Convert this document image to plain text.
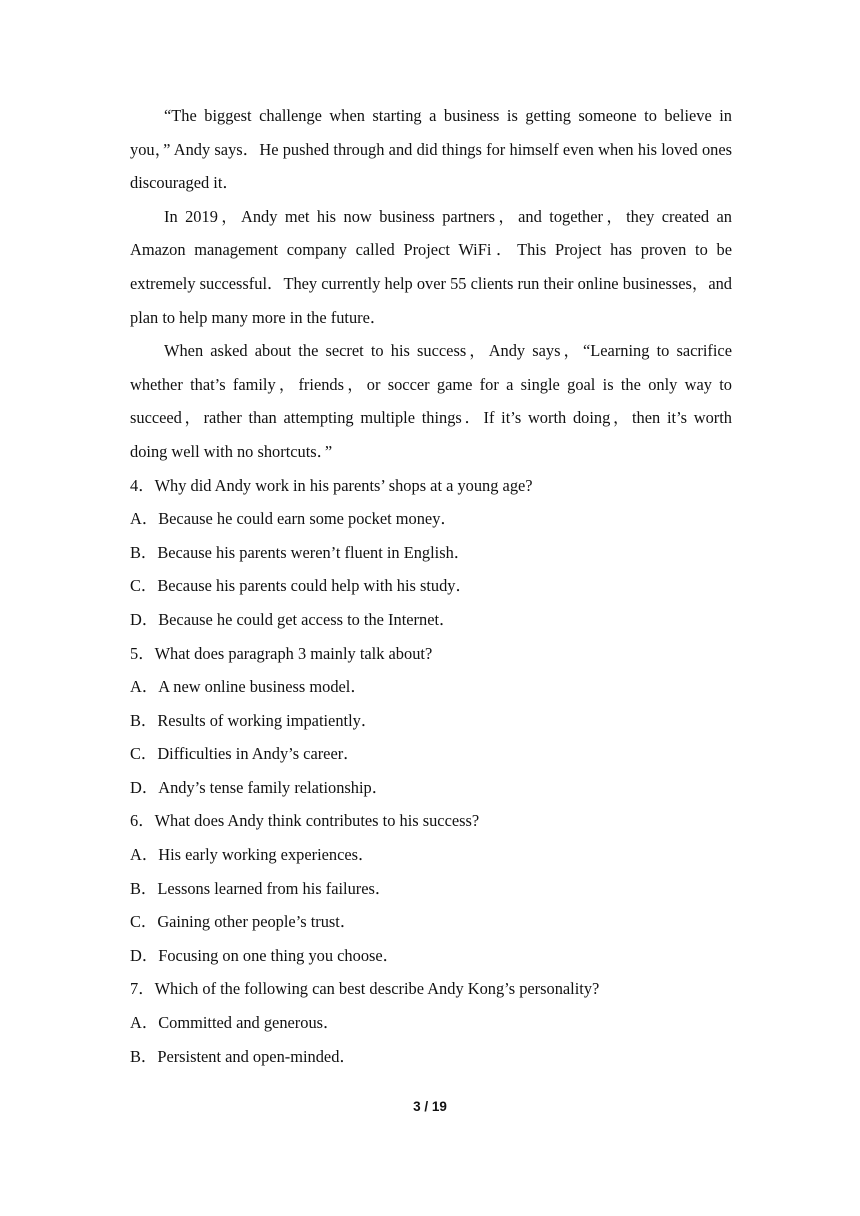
“The biggest challenge when starting a business is getting someone to believe in you，” Andy says．He pushed through and did things for himself even when his loved ones discouraged it．

In 2019，Andy met his now business partners，and together，they created an Amazon management company called Project WiFi．This Project has proven to be extremely successful．They currently help over 55 clients run their online businesses，and plan to help many more in the future．

When asked about the secret to his success，Andy says，“Learning to sacrifice whether that’s family，friends，or soccer game for a single goal is the only way to succeed，rather than attempting multiple things．If it’s worth doing，then it’s worth doing well with no shortcuts．”

4．Why did Andy work in his parents’ shops at a young age?

A．Because he could earn some pocket money．

B．Because his parents weren’t fluent in English．

C．Because his parents could help with his study．

D．Because he could get access to the Internet．

5．What does paragraph 3 mainly talk about?

A．A new online business model．

B．Results of working impatiently．

C．Difficulties in Andy’s career．

D．Andy’s tense family relationship．

6．What does Andy think contributes to his success?

A．His early working experiences．

B．Lessons learned from his failures．

C．Gaining other people’s trust．

D．Focusing on one thing you choose．

7．Which of the following can best describe Andy Kong’s personality?

A．Committed and generous．

B．Persistent and open-minded．

3 / 19
